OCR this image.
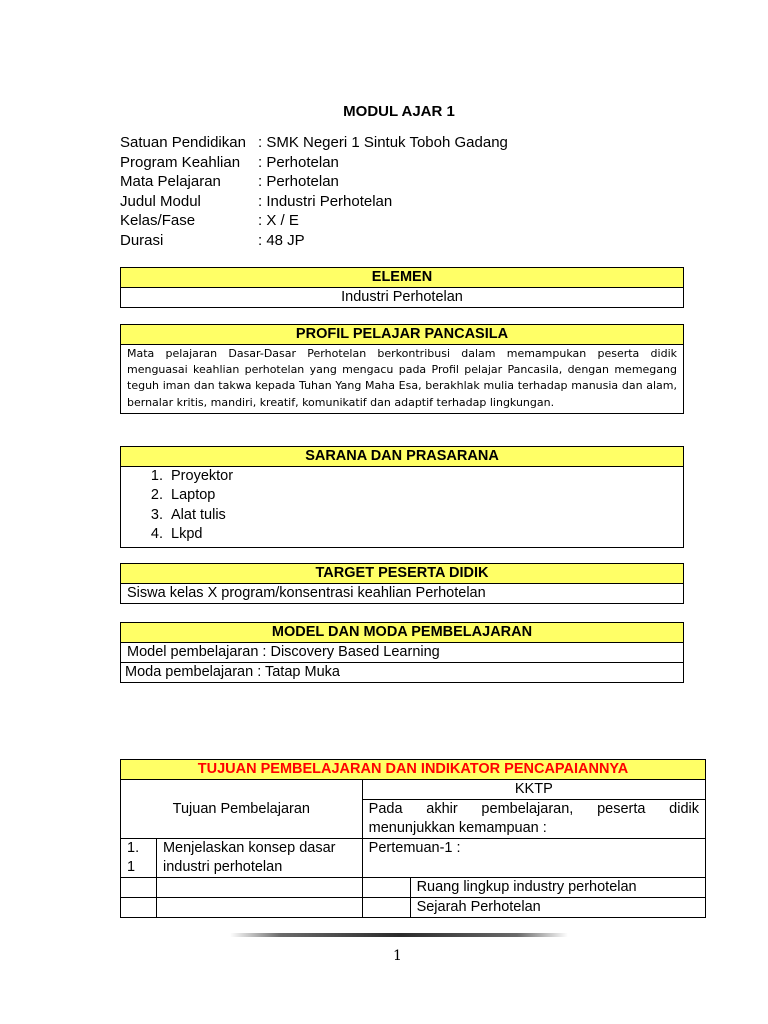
MODUL AJAR 1
Satuan Pendidikan : SMK Negeri 1 Sintuk Toboh Gadang
Program Keahlian	: Perhotelan
Mata Pelajaran	: Perhotelan
Judul Modul	: Industri Perhotelan
Kelas/Fase	: X / E
Durasi	: 48 JP
ELEMEN
Industri Perhotelan
PROFIL PELAJAR PANCASILA
Mata pelajaran Dasar-Dasar Perhotelan berkontribusi dalam memampukan peserta didik menguasai keahlian perhotelan yang mengacu pada Profil pelajar Pancasila, dengan memegang teguh iman dan takwa kepada Tuhan Yang Maha Esa, berakhlak mulia terhadap manusia dan alam, bernalar kritis, mandiri, kreatif, komunikatif dan adaptif terhadap lingkungan.
SARANA DAN PRASARANA
1. Proyektor
2. Laptop
3. Alat tulis
4. Lkpd
TARGET PESERTA DIDIK
Siswa kelas X program/konsentrasi keahlian Perhotelan
MODEL DAN MODA PEMBELAJARAN
Model pembelajaran : Discovery Based Learning
Moda pembelajaran : Tatap Muka
TUJUAN PEMBELAJARAN DAN INDIKATOR PENCAPAIANNYA			
Tujuan Pembelajaran		KKTP	

		Pada akhir pembelajaran, peserta didik
menunjukkan kemampuan :	

1.
1	Menjelaskan konsep dasar industri perhotelan	Pertemuan-1 :	
			Ruang lingkup industry perhotelan
			Sejarah Perhotelan
1
